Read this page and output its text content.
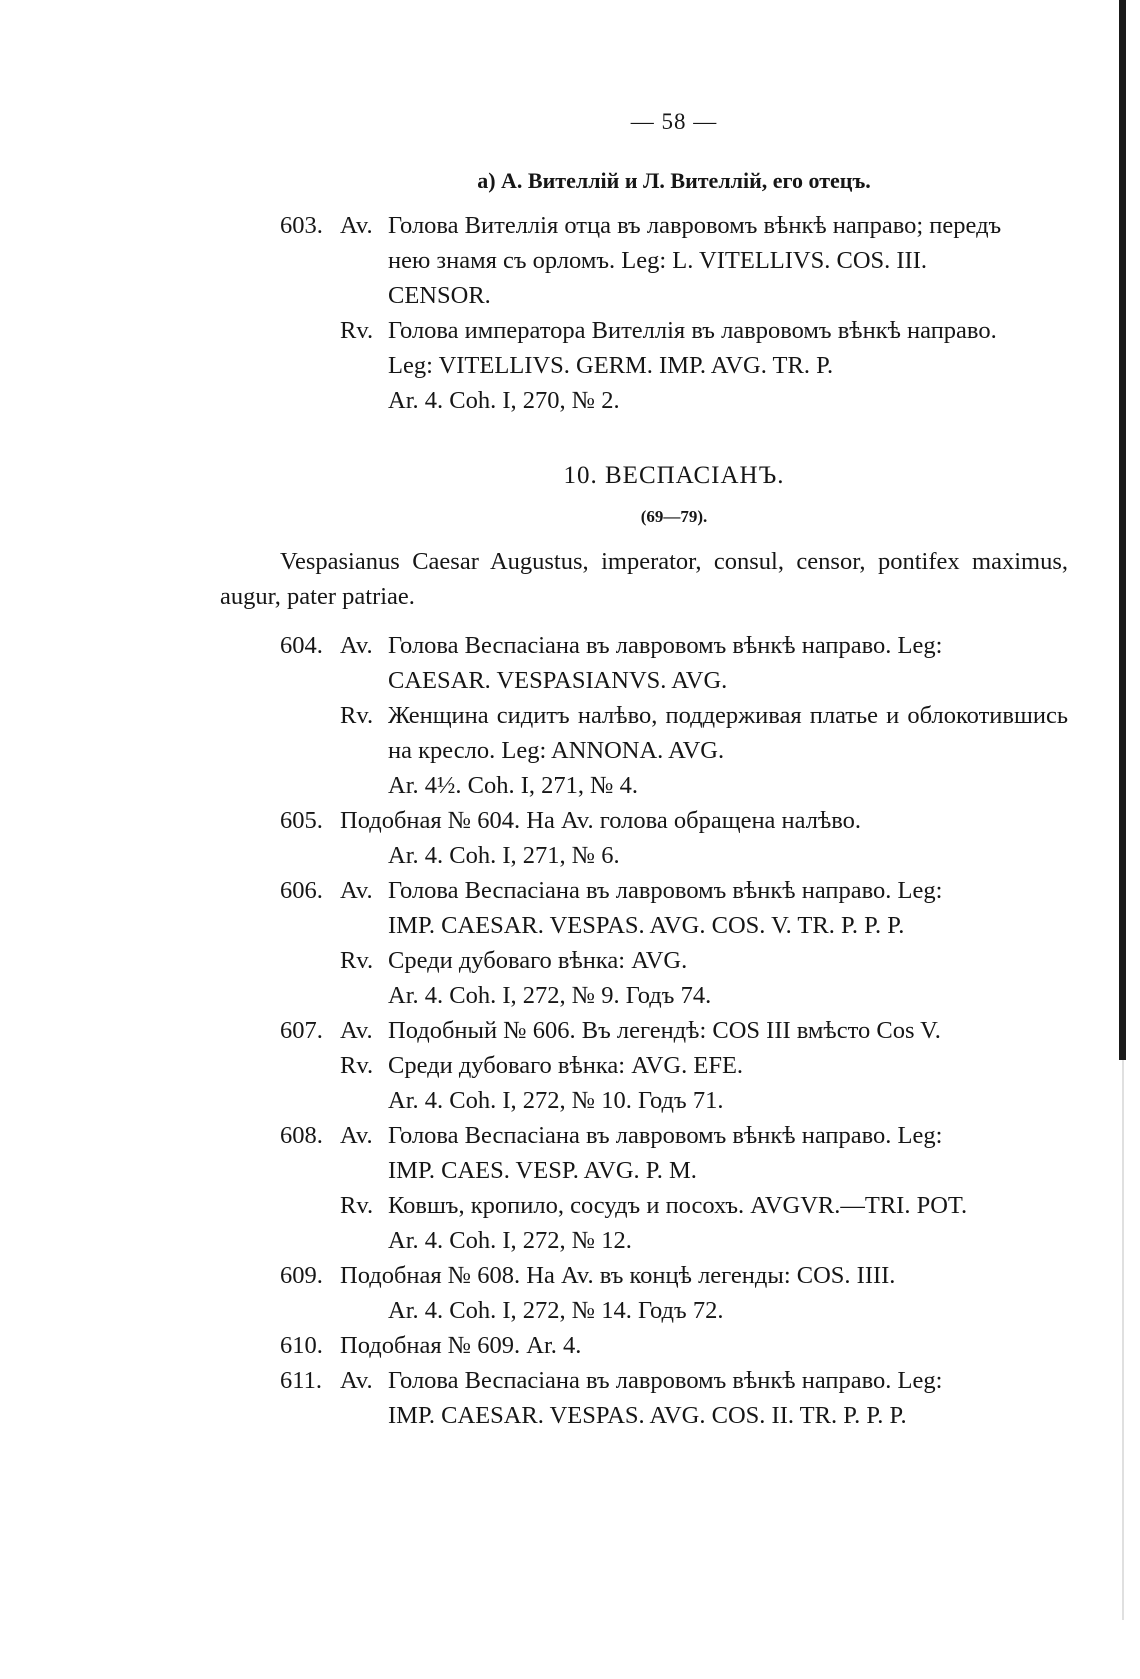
— 58 —
а) А. Вителлій и Л. Вителлій, его отецъ.
603. Av. Голова Вителлія отца въ лавровомъ вѣнкѣ направо; передъ
нею знамя съ орломъ. Leg: L. VITELLIVS. COS. III.
CENSOR.
Rv. Голова императора Вителлія въ лавровомъ вѣнкѣ направо.
Leg: VITELLIVS. GERM. IMP. AVG. TR. P.
Ar. 4. Coh. I, 270, № 2.
10. ВЕСПАСІАНЪ.
(69—79).
Vespasianus Caesar Augustus, imperator, consul, censor, pontifex maximus, augur, pater patriae.
604. Av. Голова Веспасіана въ лавровомъ вѣнкѣ направо. Leg:
CAESAR. VESPASIANVS. AVG.
Rv. Женщина сидитъ налѣво, поддерживая платье и облокотившись на кресло. Leg: ANNONA. AVG.
Ar. 4½. Coh. I, 271, № 4.
605. Подобная № 604. На Av. голова обращена налѣво.
Ar. 4. Coh. I, 271, № 6.
606. Av. Голова Веспасіана въ лавровомъ вѣнкѣ направо. Leg:
IMP. CAESAR. VESPAS. AVG. COS. V. TR. P. P. P.
Rv. Среди дубоваго вѣнка: AVG.
Ar. 4. Coh. I, 272, № 9. Годъ 74.
607. Av. Подобный № 606. Въ легендѣ: COS III вмѣсто Cos V.
Rv. Среди дубоваго вѣнка: AVG. EFE.
Ar. 4. Coh. I, 272, № 10. Годъ 71.
608. Av. Голова Веспасіана въ лавровомъ вѣнкѣ направо. Leg:
IMP. CAES. VESP. AVG. P. M.
Rv. Ковшъ, кропило, сосудъ и посохъ. AVGVR.—TRI. POT.
Ar. 4. Coh. I, 272, № 12.
609. Подобная № 608. На Av. въ концѣ легенды: COS. IIII.
Ar. 4. Coh. I, 272, № 14. Годъ 72.
610. Подобная № 609. Ar. 4.
611. Av. Голова Веспасіана въ лавровомъ вѣнкѣ направо. Leg:
IMP. CAESAR. VESPAS. AVG. COS. II. TR. P. P. P.
